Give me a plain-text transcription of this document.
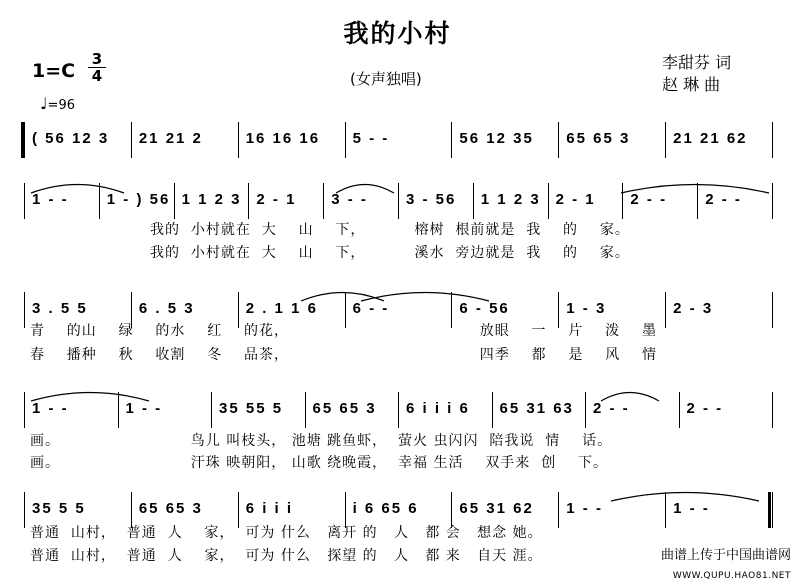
我的小村
1=C
3
4
♩=96
(女声独唱)
李甜芬 词
赵 琳 曲
( 56 12 3 21 21 2	16 16 16 5 - -	56 12 35 65 65 3	21 21 62
1 - -	1 - ) 56 1 1 2 3 2 - 1 3 - -	3 - 56 1 1 2 3 2 - 1 2 - -	2 - -
我的  小村就在  大    山    下，         榕树  根前就是  我    的    家。
我的  小村就在  大    山    下，         溪水  旁边就是  我    的    家。
3 . 5 5	6 . 5 3	2 . 1 1 6 6 - -	6 - 56	1 - 3	2 - 3
青    的山    绿    的水    红    的花，                                   放眼    一    片    泼    墨
春    播种    秋    收割    冬    品茶，                                   四季    都    是    风    情
1 - -	1 - -	35 55 5 65 65 3 6 i i i 6 65 31 63 2 - -	2 - -
画。                        鸟儿 叫枝头， 池塘 跳鱼虾，  萤火 虫闪闪  陪我说  情    话。
画。                        汗珠 映朝阳， 山歌 绕晚霞，  幸福 生活    双手来  创    下。
35 5 5	65 65 3	6 i i i	i 6 65 6	65 31 62 1 - -	1 - -
普通  山村，  普通  人    家，  可为 什么   离开 的   人   都 会   想念 她。
普通  山村，  普通  人    家，  可为 什么   探望 的   人   都 来   自天 涯。	曲谱上传于中国曲谱网
WWW.QUPU.HAO81.NET
